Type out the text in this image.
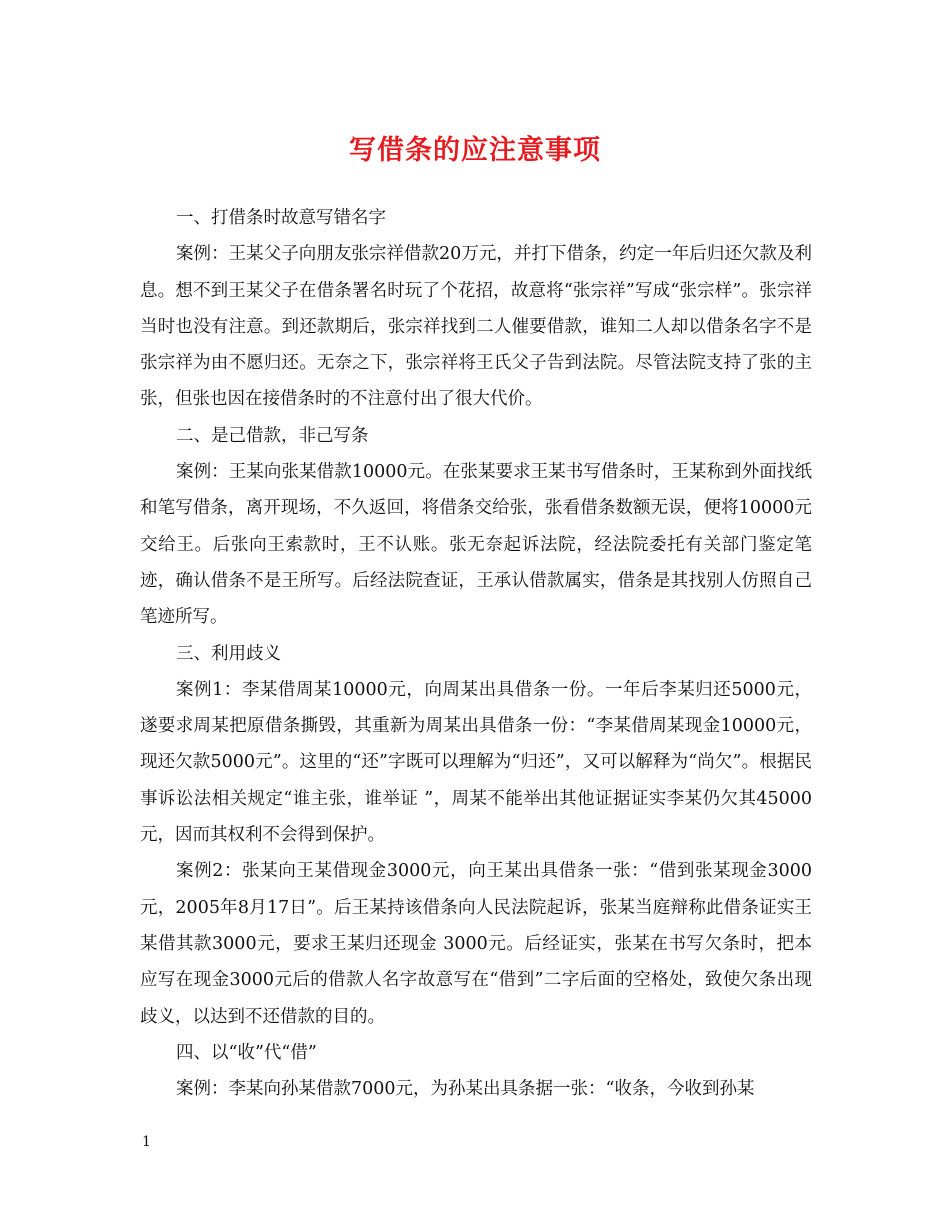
写借条的应注意事项

一、打借条时故意写错名字

案例：王某父子向朋友张宗祥借款20万元，并打下借条，约定一年后归还欠款及利息。想不到王某父子在借条署名时玩了个花招，故意将“张宗祥”写成“张宗样”。张宗祥当时也没有注意。到还款期后，张宗祥找到二人催要借款，谁知二人却以借条名字不是张宗祥为由不愿归还。无奈之下，张宗祥将王氏父子告到法院。尽管法院支持了张的主张，但张也因在接借条时的不注意付出了很大代价。

二、是己借款，非己写条

案例：王某向张某借款10000元。在张某要求王某书写借条时，王某称到外面找纸和笔写借条，离开现场，不久返回，将借条交给张，张看借条数额无误，便将10000元交给王。后张向王索款时，王不认账。张无奈起诉法院，经法院委托有关部门鉴定笔迹，确认借条不是王所写。后经法院查证，王承认借款属实，借条是其找别人仿照自己笔迹所写。

三、利用歧义

案例1：李某借周某10000元，向周某出具借条一份。一年后李某归还5000元，遂要求周某把原借条撕毁，其重新为周某出具借条一份：“李某借周某现金10000元，现还欠款5000元”。这里的“还”字既可以理解为“归还”，又可以解释为“尚欠”。根据民事诉讼法相关规定“谁主张，谁举证 ”，周某不能举出其他证据证实李某仍欠其45000元，因而其权利不会得到保护。

案例2：张某向王某借现金3000元，向王某出具借条一张：“借到张某现金3000元，2005年8月17日”。后王某持该借条向人民法院起诉，张某当庭辩称此借条证实王某借其款3000元，要求王某归还现金 3000元。后经证实，张某在书写欠条时，把本应写在现金3000元后的借款人名字故意写在“借到”二字后面的空格处，致使欠条出现歧义，以达到不还借款的目的。

四、以“收”代“借”

案例：李某向孙某借款7000元，为孙某出具条据一张：“收条，今收到孙某

1
